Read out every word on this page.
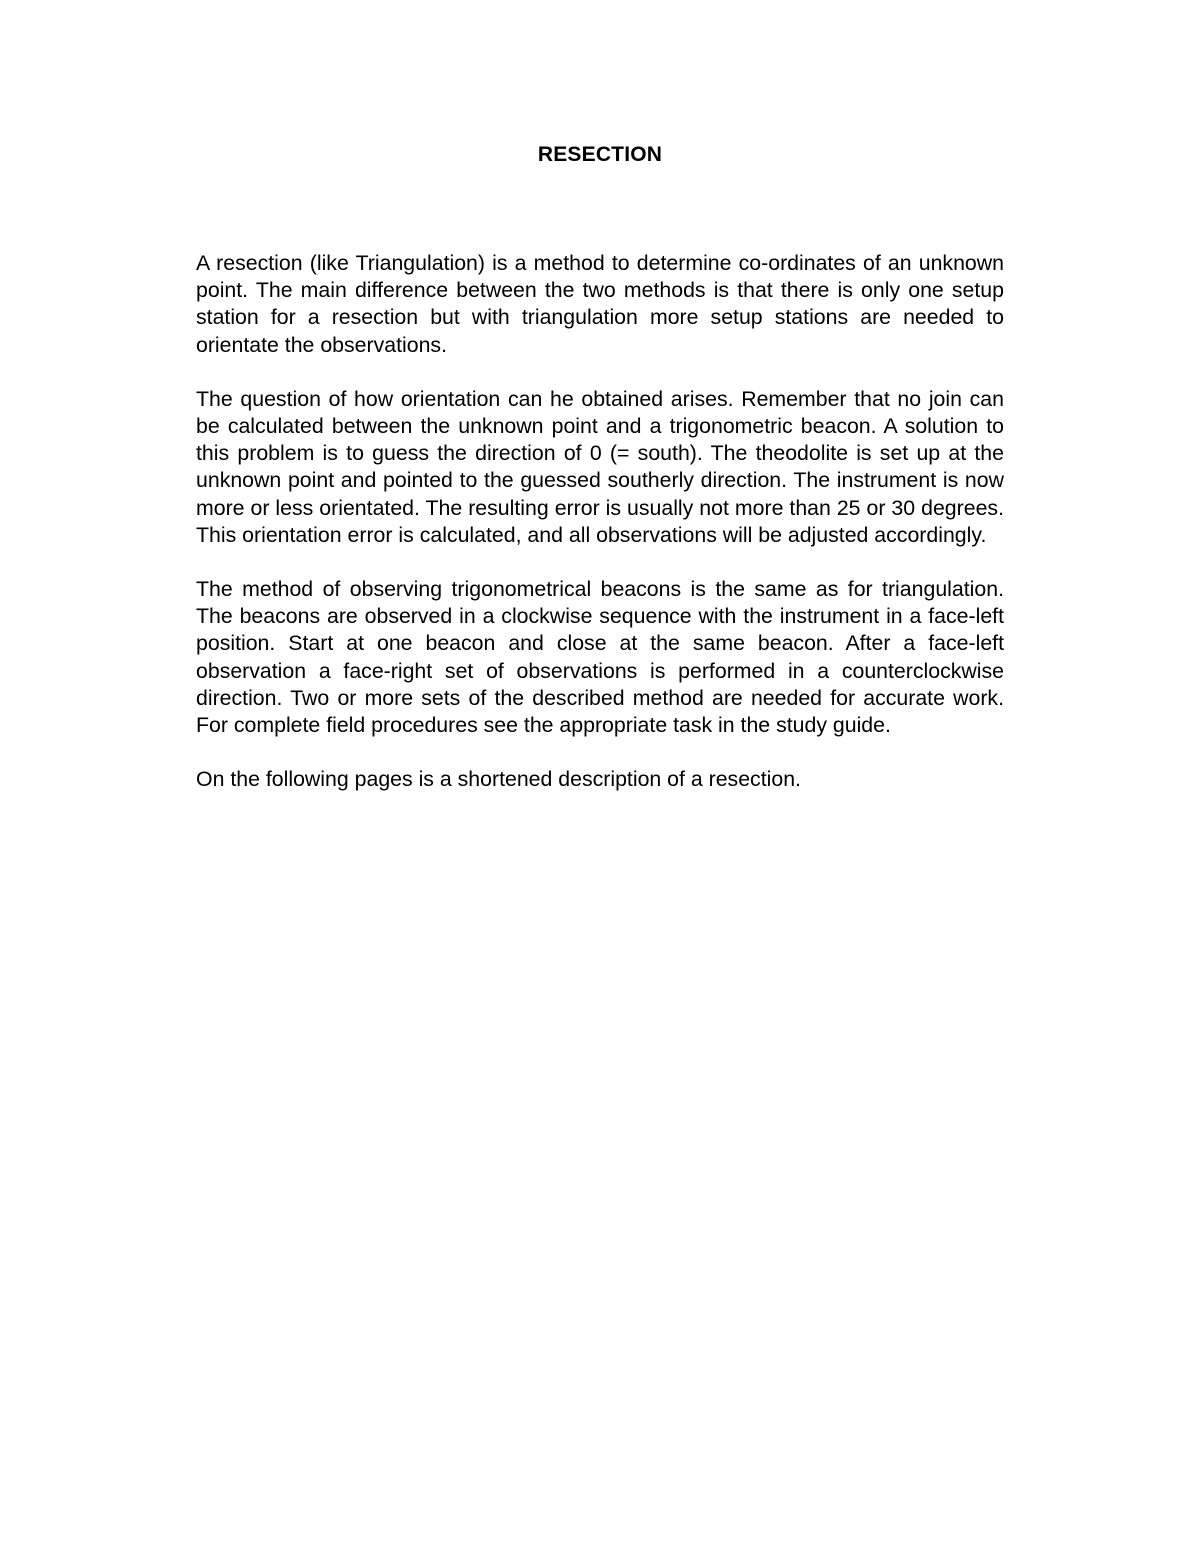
RESECTION

A resection (like Triangulation) is a method to determine co-ordinates of an unknown point. The main difference between the two methods is that there is only one setup station for a resection but with triangulation more setup stations are needed to orientate the observations.

The question of how orientation can he obtained arises. Remember that no join can be calculated between the unknown point and a trigonometric beacon. A solution to this problem is to guess the direction of 0 (= south). The theodolite is set up at the unknown point and pointed to the guessed southerly direction. The instrument is now more or less orientated. The resulting error is usually not more than 25 or 30 degrees. This orientation error is calculated, and all observations will be adjusted accordingly.

The method of observing trigonometrical beacons is the same as for triangulation. The beacons are observed in a clockwise sequence with the instrument in a face-left position. Start at one beacon and close at the same beacon. After a face-left observation a face-right set of observations is performed in a counterclockwise direction. Two or more sets of the described method are needed for accurate work. For complete field procedures see the appropriate task in the study guide.

On the following pages is a shortened description of a resection.
